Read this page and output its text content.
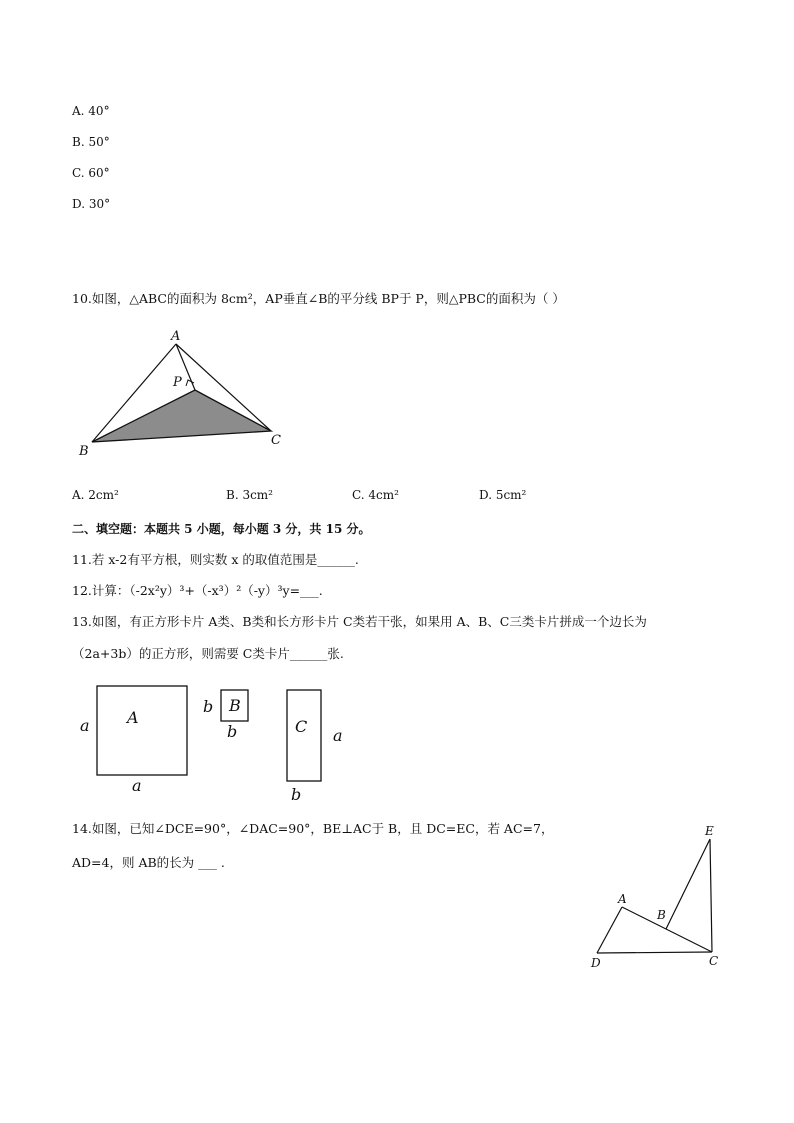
A. 40°
B. 50°
C. 60°
D. 30°
10.如图，△ABC的面积为 8cm²，AP垂直∠B的平分线 BP于 P，则△PBC的面积为（ ）
A
P
B
C
A. 2cm²	B. 3cm²	C. 4cm²	D. 5cm²
二、填空题：本题共 5 小题，每小题 3 分，共 15 分。
11.若 x-2有平方根，则实数 x 的取值范围是______.
12.计算：（-2x²y）³+（-x³）²（-y）³y=___.
13.如图，有正方形卡片 A类、B类和长方形卡片 C类若干张，如果用 A、B、C三类卡片拼成一个边长为
（2a+3b）的正方形，则需要 C类卡片______张.
A
a
a
B
b
b	C a
b
14.如图，已知∠DCE=90°，∠DAC=90°，BE⊥AC于 B，且 DC=EC，若 AC=7，
AD=4，则 AB的长为 ___ .
E
A
B
D	C
